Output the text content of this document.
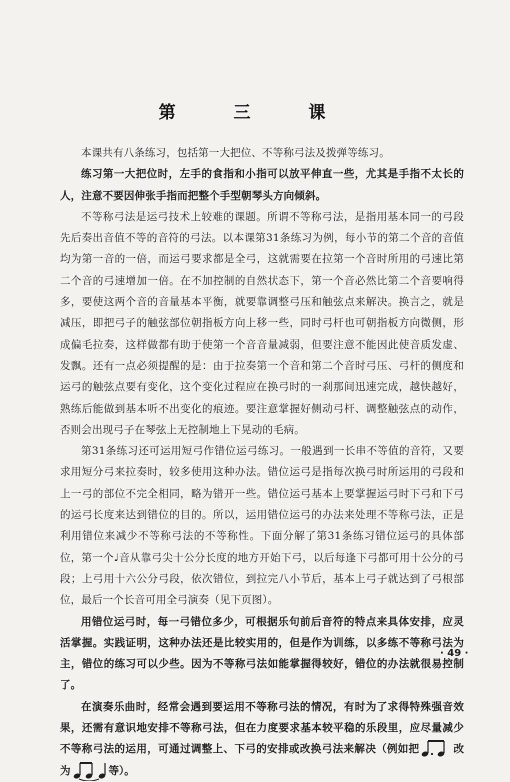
第 三 课

本课共有八条练习，包括第一大把位、不等称弓法及拨弹等练习。

练习第一大把位时，左手的食指和小指可以放平伸直一些，尤其是手指不太长的人，注意不要因伸张手指而把整个手型朝琴头方向倾斜。

不等称弓法是运弓技术上较难的课题。所谓不等称弓法，是指用基本同一的弓段先后奏出音值不等的音符的弓法。以本课第31条练习为例，每小节的第二个音的音值均为第一音的一倍，而运弓要求都是全弓，这就需要在拉第一个音时所用的弓速比第二个音的弓速增加一倍。在不加控制的自然状态下，第一个音必然比第二个音要响得多，要使这两个音的音量基本平衡，就要靠调整弓压和触弦点来解决。换言之，就是减压，即把弓子的触弦部位朝指板方向上移一些，同时弓杆也可朝指板方向微侧，形成偏毛拉奏，这样做都有助于使第一个音音量减弱，但要注意不能因此使音质发虚、发飘。还有一点必须提醒的是：由于拉奏第一个音和第二个音时弓压、弓杆的侧度和运弓的触弦点要有变化，这个变化过程应在换弓时的一刹那间迅速完成，越快越好，熟练后能做到基本听不出变化的痕迹。要注意掌握好侧动弓杆、调整触弦点的动作，否则会出现弓子在琴弦上无控制地上下晃动的毛病。

第31条练习还可运用短弓作错位运弓练习。一般遇到一长串不等值的音符，又要求用短分弓来拉奏时，较多使用这种办法。错位运弓是指每次换弓时所运用的弓段和上一弓的部位不完全相同，略为错开一些。错位运弓基本上要掌握运弓时下弓和下弓的运弓长度来达到错位的目的。所以，运用错位运弓的办法来处理不等称弓法，正是利用错位来减少不等称弓法的不等称性。下面分解了第31条练习错位运弓的具体部位，第一个♩音从靠弓尖十公分长度的地方开始下弓，以后每逢下弓都可用十公分的弓段；上弓用十六公分弓段，依次错位，到拉完八小节后，基本上弓子就达到了弓根部位，最后一个长音可用全弓演奏（见下页图）。

用错位运弓时，每一弓错位多少，可根据乐句前后音符的特点来具体安排，应灵活掌握。实践证明，这种办法还是比较实用的，但是作为训练，以多练不等称弓法为主，错位的练习可以少些。因为不等称弓法如能掌握得较好，错位的办法就很易控制了。

在演奏乐曲时，经常会遇到要运用不等称弓法的情况，有时为了求得特殊强音效果，还需有意识地安排不等称弓法，但在力度要求基本较平稳的乐段里，应尽量减少不等称弓法的运用，可通过调整上、下弓的安排或改换弓法来解决（例如把	改为	等）。

· 49 ·
